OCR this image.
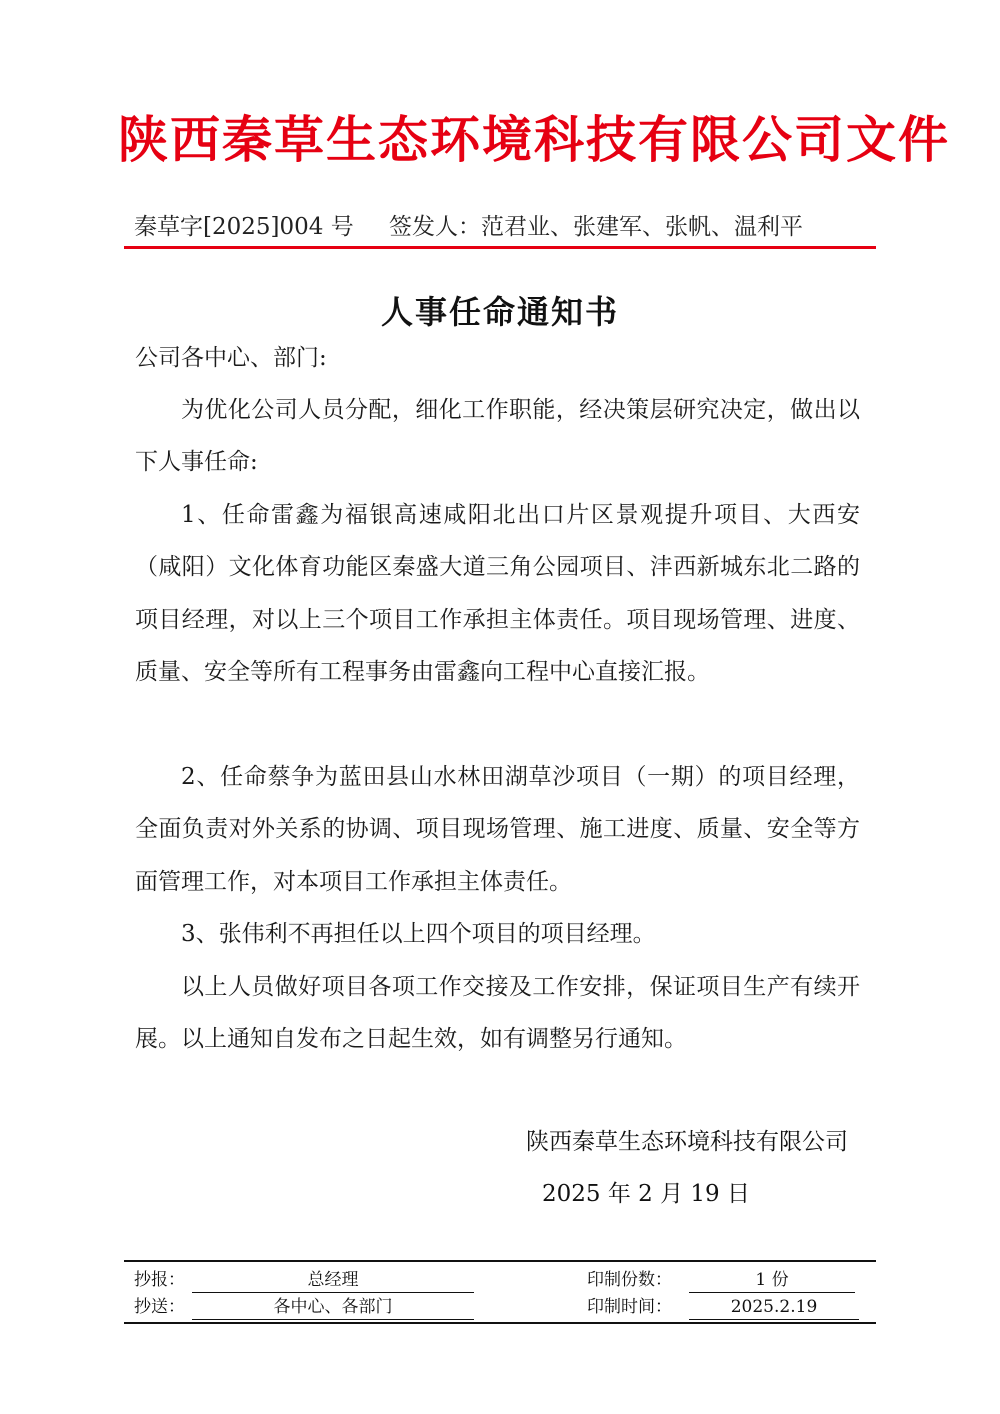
陕西秦草生态环境科技有限公司文件
秦草字[2025]004 号 签发人：范君业、张建军、张帆、温利平
人事任命通知书
公司各中心、部门:
为优化公司人员分配，细化工作职能，经决策层研究决定，做出以下人事任命:
1、任命雷鑫为福银高速咸阳北出口片区景观提升项目、大西安（咸阳）文化体育功能区秦盛大道三角公园项目、沣西新城东北二路的项目经理，对以上三个项目工作承担主体责任。项目现场管理、进度、质量、安全等所有工程事务由雷鑫向工程中心直接汇报。
2、任命蔡争为蓝田县山水林田湖草沙项目（一期）的项目经理，全面负责对外关系的协调、项目现场管理、施工进度、质量、安全等方面管理工作，对本项目工作承担主体责任。
3、张伟利不再担任以上四个项目的项目经理。
以上人员做好项目各项工作交接及工作安排，保证项目生产有续开展。以上通知自发布之日起生效，如有调整另行通知。
陕西秦草生态环境科技有限公司
2025 年 2 月 19 日
抄报：	总经理	印制份数：	1 份
抄送：	各中心、各部门	印制时间：	2025.2.19
